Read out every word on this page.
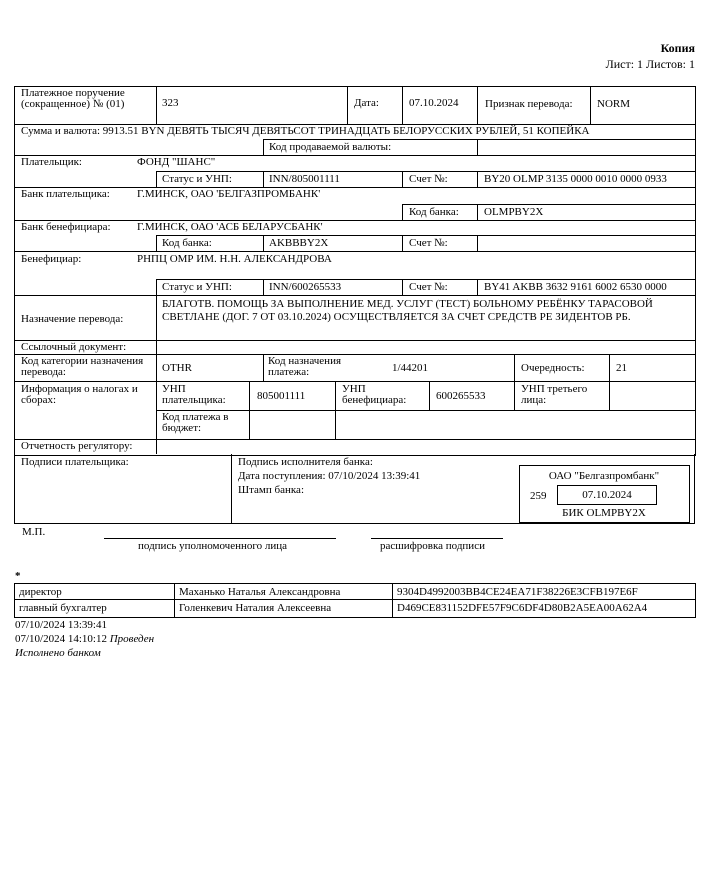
Копия
Лист: 1 Листов: 1
Платежное поручение (сокращенное) № (01)	323	Дата:	07.10.2024 Признак перевода: NORM
Сумма и валюта: 9913.51 BYN ДЕВЯТЬ ТЫСЯЧ ДЕВЯТЬСОТ ТРИНАДЦАТЬ БЕЛОРУССКИХ РУБЛЕЙ, 51 КОПЕЙКА
Код продаваемой валюты:
Плательщик:	ФОНД "ШАНС"
Статус и УНП:	INN/805001111	Счет №:	BY20 OLMP 3135 0000 0010 0000 0933
Банк плательщика: Г.МИНСК, ОАО 'БЕЛГАЗПРОМБАНК'
Код банка: OLMPBY2X
Банк бенефициара: Г.МИНСК, ОАО 'АСБ БЕЛАРУСБАНК'
Код банка:	AKBBBY2X	Счет №:
Бенефициар:	РНПЦ ОМР ИМ. Н.Н. АЛЕКСАНДРОВА
Статус и УНП:	INN/600265533	Счет №:	BY41 AKBB 3632 9161 6002 6530 0000
Назначение перевода:
БЛАГОТВ. ПОМОЩЬ ЗА ВЫПОЛНЕНИЕ МЕД. УСЛУГ (ТЕСТ) БОЛЬНОМУ РЕБЁНКУ ТАРАСОВОЙ СВЕТЛАНЕ (ДОГ. 7 ОТ 03.10.2024) ОСУЩЕСТВЛЯЕТСЯ ЗА СЧЕТ СРЕДСТВ РЕ ЗИДЕНТОВ РБ.
Ссылочный документ:
Код категории назначения перевода:	OTHR
Код назначения платежа:	1/44201	Очередность:	21
Информация о налогах и сборах:
УНП плательщика:	805001111
УНП бенефициара:	600265533
УНП третьего лица:
Код платежа в бюджет:
Отчетность регулятору:
Подписи плательщика:	Подпись исполнителя банка:
Дата поступления: 07/10/2024 13:39:41
Штамп банка:
ОАО "Белгазпромбанк"
259	07.10.2024
БИК OLMPBY2X
М.П.
подпись уполномоченного лица	расшифровка подписи
*
директор	Маханько Наталья Александровна	9304D4992003BB4CE24EA71F38226E3CFB197E6F
главный бухгалтер	Голенкевич Наталия Алексеевна	D469CE831152DFE57F9C6DF4D80B2A5EA00A62A4
07/10/2024 13:39:41
07/10/2024 14:10:12 Проведен
Исполнено банком
